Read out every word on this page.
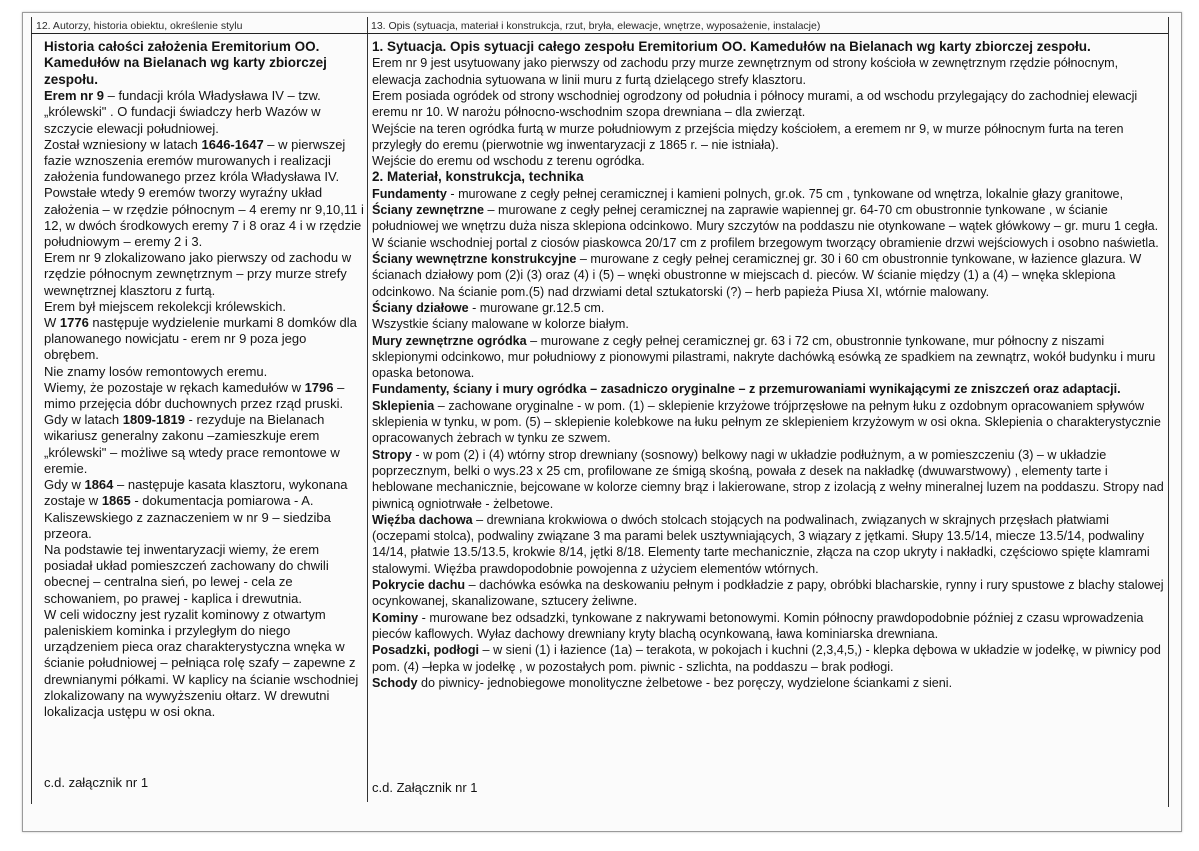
12. Autorzy, historia obiektu, określenie stylu	13. Opis (sytuacja, materiał i konstrukcja, rzut, bryła, elewacje, wnętrze, wyposażenie, instalacje)

Historia całości założenia Eremitorium OO. Kamedułów na Bielanach wg karty zbiorczej zespołu.

Erem nr 9 – fundacji króla Władysława IV – tzw. „królewski" . O fundacji świadczy herb Wazów w szczycie elewacji południowej.

Został wzniesiony w latach 1646-1647 – w pierwszej fazie wznoszenia eremów murowanych i realizacji założenia fundowanego przez króla Władysława IV.

Powstałe wtedy 9 eremów tworzy wyraźny układ założenia – w rzędzie północnym – 4 eremy nr 9,10,11 i 12, w dwóch środkowych eremy 7 i 8 oraz 4 i w rzędzie południowym – eremy 2 i 3.

Erem nr 9 zlokalizowano jako pierwszy od zachodu w rzędzie północnym zewnętrznym – przy murze strefy wewnętrznej klasztoru z furtą.

Erem był miejscem rekolekcji królewskich.

W 1776 następuje wydzielenie murkami 8 domków dla planowanego nowicjatu - erem nr 9 poza jego obrębem.

Nie znamy losów remontowych eremu.

Wiemy, że pozostaje w rękach kamedułów w 1796 –mimo przejęcia dóbr duchownych przez rząd pruski.

Gdy w latach 1809-1819 - rezyduje na Bielanach wikariusz generalny zakonu –zamieszkuje erem „królewski" – możliwe są wtedy prace remontowe w eremie.

Gdy w 1864 – następuje kasata klasztoru, wykonana zostaje w 1865 - dokumentacja pomiarowa - A. Kaliszewskiego z zaznaczeniem w nr 9 – siedziba przeora.

Na podstawie tej inwentaryzacji wiemy, że erem posiadał układ pomieszczeń zachowany do chwili obecnej – centralna sień, po lewej - cela ze schowaniem, po prawej - kaplica i drewutnia.

W celi widoczny jest ryzalit kominowy z otwartym paleniskiem kominka i przyległym do niego urządzeniem pieca oraz charakterystyczna wnęka w ścianie południowej – pełniąca rolę szafy – zapewne z drewnianymi półkami. W kaplicy na ścianie wschodniej zlokalizowany na wywyższeniu ołtarz. W drewutni lokalizacja ustępu w osi okna.

c.d. załącznik nr 1

1. Sytuacja. Opis sytuacji całego zespołu Eremitorium OO. Kamedułów na Bielanach wg karty zbiorczej zespołu.

Erem nr 9 jest usytuowany jako pierwszy od zachodu przy murze zewnętrznym od strony kościoła w zewnętrznym rzędzie północnym, elewacja zachodnia sytuowana w linii muru z furtą dzielącego strefy klasztoru.

Erem posiada ogródek od strony wschodniej ogrodzony od południa i północy murami, a od wschodu przylegający do zachodniej elewacji eremu nr 10. W narożu północno-wschodnim szopa drewniana – dla zwierząt.

Wejście na teren ogródka furtą w murze południowym z przejścia między kościołem, a eremem nr 9, w murze północnym furta na teren przyległy do eremu (pierwotnie wg inwentaryzacji z 1865 r. – nie istniała).

Wejście do eremu od wschodu z terenu ogródka.

2. Materiał, konstrukcja, technika

Fundamenty - murowane z cegły pełnej ceramicznej i kamieni polnych, gr.ok. 75 cm , tynkowane od wnętrza, lokalnie głazy granitowe,

Ściany zewnętrzne – murowane z cegły pełnej ceramicznej na zaprawie wapiennej gr. 64-70 cm obustronnie tynkowane , w ścianie południowej we wnętrzu duża nisza sklepiona odcinkowo. Mury szczytów na poddaszu nie otynkowane – wątek główkowy – gr. muru 1 cegła. W ścianie wschodniej portal z ciosów piaskowca 20/17 cm z profilem brzegowym tworzący obramienie drzwi wejściowych i osobno naświetla.

Ściany wewnętrzne konstrukcyjne – murowane z cegły pełnej ceramicznej gr. 30 i 60 cm obustronnie tynkowane, w łazience glazura. W ścianach działowy pom (2)i (3) oraz (4) i (5) – wnęki obustronne w miejscach d. pieców. W ścianie między (1) a (4) – wnęka sklepiona odcinkowo. Na ścianie pom.(5) nad drzwiami detal sztukatorski (?) – herb papieża Piusa XI, wtórnie malowany.

Ściany działowe - murowane gr.12.5 cm.

Wszystkie ściany malowane w kolorze białym.

Mury zewnętrzne ogródka – murowane z cegły pełnej ceramicznej gr. 63 i 72 cm, obustronnie tynkowane, mur północny z niszami sklepionymi odcinkowo, mur południowy z pionowymi pilastrami, nakryte dachówką esówką ze spadkiem na zewnątrz, wokół budynku i muru opaska betonowa.

Fundamenty, ściany i mury ogródka – zasadniczo oryginalne – z przemurowaniami wynikającymi ze zniszczeń oraz adaptacji.

Sklepienia – zachowane oryginalne - w pom. (1) – sklepienie krzyżowe trójprzęsłowe na pełnym łuku z ozdobnym opracowaniem spływów sklepienia w tynku, w pom. (5) – sklepienie kolebkowe na łuku pełnym ze sklepieniem krzyżowym w osi okna. Sklepienia o charakterystycznie opracowanych żebrach w tynku ze szwem.

Stropy - w pom (2) i (4) wtórny strop drewniany (sosnowy) belkowy nagi w układzie podłużnym, a w pomieszczeniu (3) – w układzie poprzecznym, belki o wys.23 x 25 cm, profilowane ze śmigą skośną, powała z desek na nakładkę (dwuwarstwowy) , elementy tarte i heblowane mechanicznie, bejcowane w kolorze ciemny brąz i lakierowane, strop z izolacją z wełny mineralnej luzem na poddaszu. Stropy nad piwnicą ogniotrwałe - żelbetowe.

Więźba dachowa – drewniana krokwiowa o dwóch stolcach stojących na podwalinach, związanych w skrajnych przęsłach płatwiami (oczepami stolca), podwaliny związane 3 ma parami belek usztywniających, 3 wiązary z jętkami. Słupy 13.5/14, miecze 13.5/14, podwaliny 14/14, płatwie 13.5/13.5, krokwie 8/14, jętki 8/18. Elementy tarte mechanicznie, złącza na czop ukryty i nakładki, częściowo spięte klamrami stalowymi. Więźba prawdopodobnie powojenna z użyciem elementów wtórnych.

Pokrycie dachu – dachówka esówka na deskowaniu pełnym i podkładzie z papy, obróbki blacharskie, rynny i rury spustowe z blachy stalowej ocynkowanej, skanalizowane, sztucery żeliwne.

Kominy - murowane bez odsadzki, tynkowane z nakrywami betonowymi. Komin północny prawdopodobnie później z czasu wprowadzenia pieców kaflowych. Wyłaz dachowy drewniany kryty blachą ocynkowaną, ława kominiarska drewniana.

Posadzki, podłogi – w sieni (1) i łazience (1a) – terakota, w pokojach i kuchni (2,3,4,5,) - klepka dębowa w układzie w jodełkę, w piwnicy pod pom. (4) –łepka w jodełkę , w pozostałych pom. piwnic - szlichta, na poddaszu – brak podłogi.

Schody do piwnicy- jednobiegowe monolityczne żelbetowe - bez poręczy, wydzielone ściankami z sieni.

c.d. Załącznik nr 1
